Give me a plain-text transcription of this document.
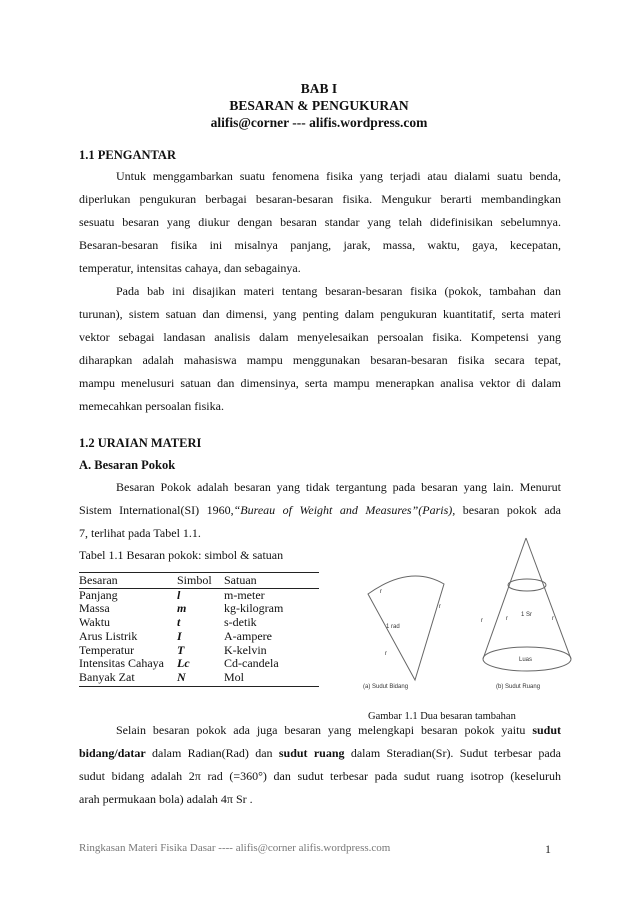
BAB I
BESARAN & PENGUKURAN
alifis@corner --- alifis.wordpress.com
1.1 PENGANTAR
Untuk menggambarkan suatu fenomena fisika yang terjadi atau dialami suatu benda,
diperlukan pengukuran berbagai besaran-besaran fisika. Mengukur berarti membandingkan
sesuatu besaran yang diukur dengan besaran standar yang telah didefinisikan sebelumnya.
Besaran-besaran fisika ini misalnya panjang, jarak, massa, waktu, gaya, kecepatan,
temperatur, intensitas cahaya, dan sebagainya.
Pada bab ini disajikan materi tentang besaran-besaran fisika (pokok, tambahan dan
turunan), sistem satuan dan dimensi, yang penting dalam pengukuran kuantitatif, serta materi
vektor sebagai landasan analisis dalam menyelesaikan persoalan fisika. Kompetensi yang
diharapkan adalah mahasiswa mampu menggunakan besaran-besaran fisika secara tepat,
mampu menelusuri satuan dan dimensinya, serta mampu menerapkan analisa vektor di dalam
memecahkan persoalan fisika.
1.2 URAIAN MATERI
A. Besaran Pokok
Besaran Pokok adalah besaran yang tidak tergantung pada besaran yang lain. Menurut
Sistem International(SI) 1960,“Bureau of Weight and Measures”(Paris), besaran pokok ada
7, terlihat pada Tabel 1.1.
Tabel 1.1 Besaran pokok: simbol & satuan
Besaran	Simbol	Satuan
Panjang	l	m-meter
Massa	m	kg-kilogram
Waktu	t	s-detik
Arus Listrik	I	A-ampere
Temperatur	T	K-kelvin
Intensitas Cahaya	Lc	Cd-candela
Banyak Zat	N	Mol
r
r
r
1 rad
(a) Sudut Bidang
1 Sr
Luas
r	r	r
(b) Sudut Ruang
Gambar 1.1 Dua besaran tambahan
Selain besaran pokok ada juga besaran yang melengkapi besaran pokok yaitu sudut
bidang/datar dalam Radian(Rad) dan sudut ruang dalam Steradian(Sr). Sudut terbesar pada
sudut bidang adalah 2π rad (=360°) dan sudut terbesar pada sudut ruang isotrop (keseluruh
arah permukaan bola) adalah 4π Sr .
Ringkasan Materi Fisika Dasar ---- alifis@corner alifis.wordpress.com	1
